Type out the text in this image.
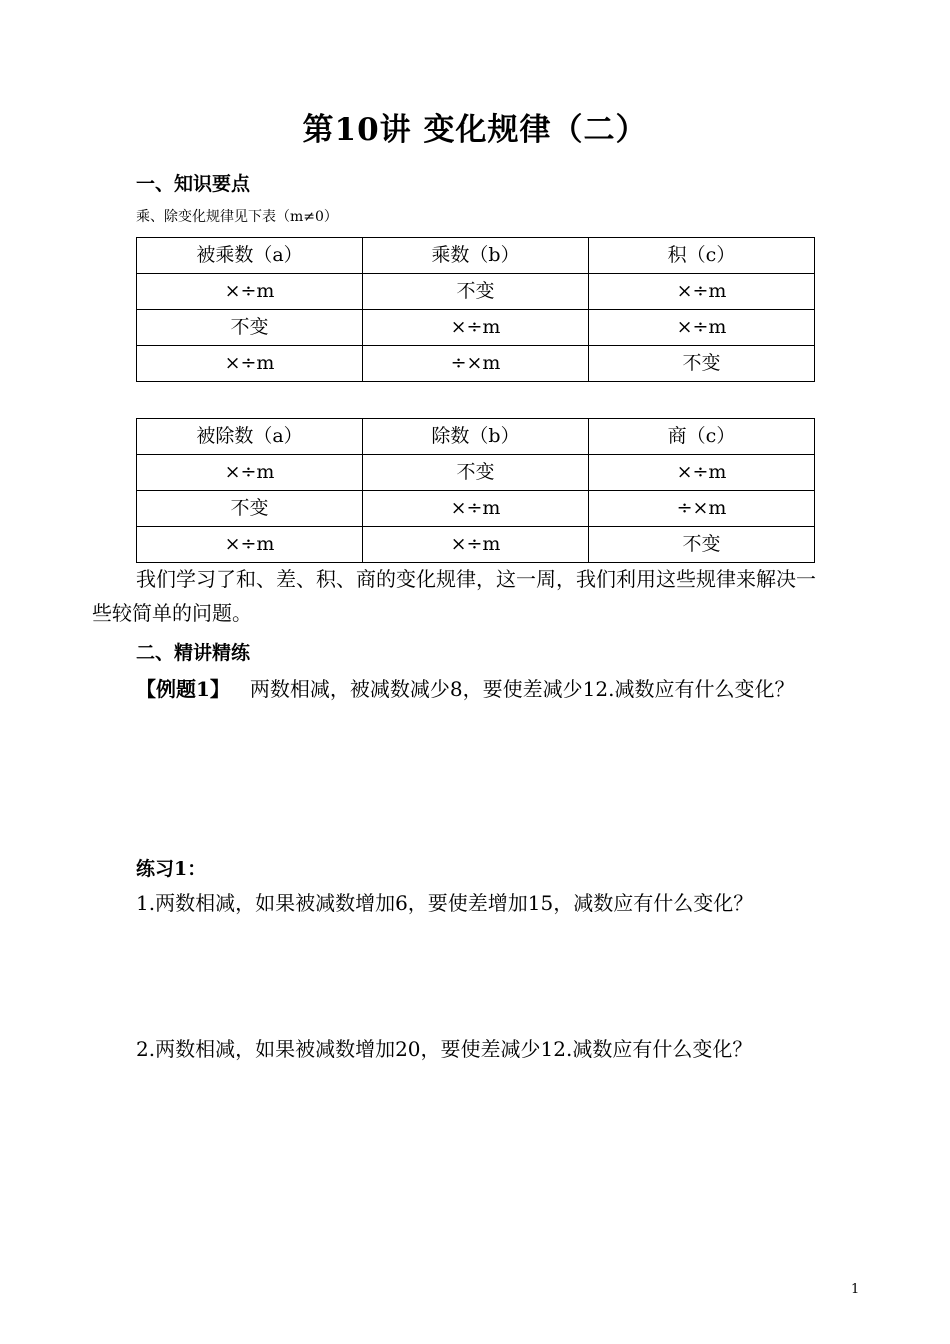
第10讲 变化规律（二）
一、知识要点
乘、除变化规律见下表（m≠0）
被乘数（a）	乘数（b）	积（c）
×÷m	不变	×÷m
不变	×÷m	×÷m
×÷m	÷×m	不变
被除数（a）	除数（b）	商（c）
×÷m	不变	×÷m
不变	×÷m	÷×m
×÷m	×÷m	不变
我们学习了和、差、积、商的变化规律，这一周，我们利用这些规律来解决一
些较简单的问题。
二、精讲精练
【例题1】 两数相减，被减数减少8，要使差减少12.减数应有什么变化？
练习1：
1.两数相减，如果被减数增加6，要使差增加15，减数应有什么变化？
2.两数相减，如果被减数增加20，要使差减少12.减数应有什么变化？
1
